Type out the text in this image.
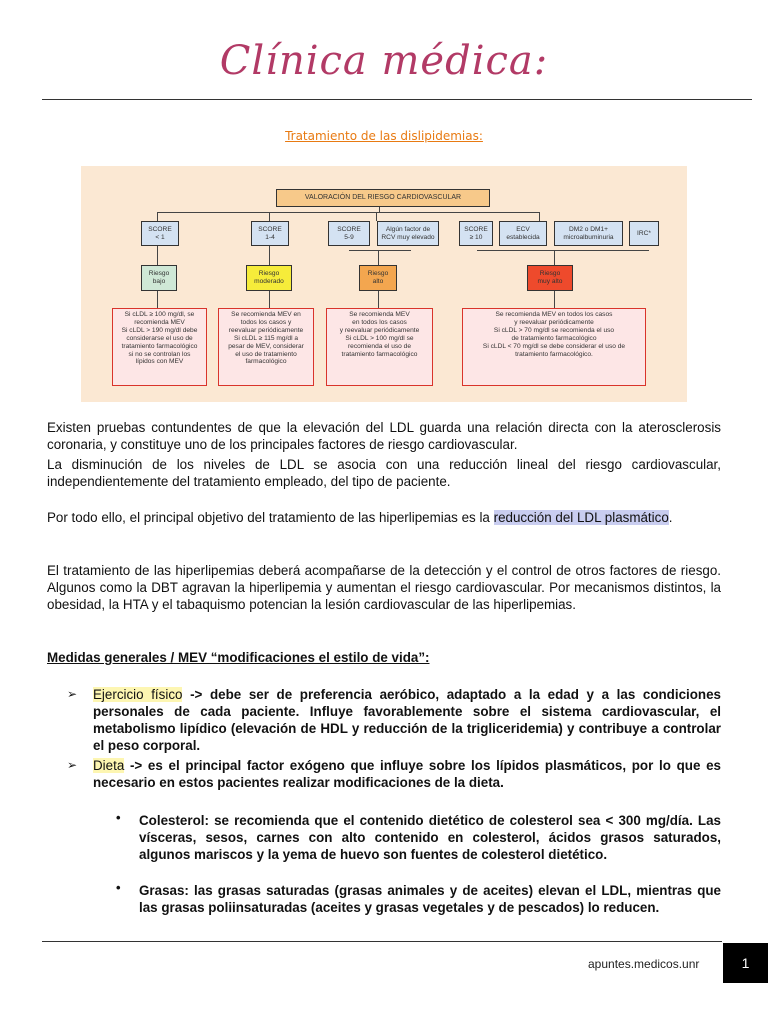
Clínica médica:
Tratamiento de las dislipidemias:
VALORACIÓN DEL RIESGO CARDIOVASCULAR
SCORE
< 1
SCORE
1-4
SCORE
5-9
Algún factor de
RCV muy elevado
SCORE
≥ 10
ECV
establecida
DM2 o DM1+
microalbuminuria
IRC*
Riesgo
bajo
Riesgo
moderado
Riesgo
alto
Riesgo
muy alto
Si cLDL ≥ 100 mg/dl, se
recomienda MEV
Si cLDL > 190 mg/dl debe
considerarse el uso de
tratamiento farmacológico
si no se controlan los
lípidos con MEV
Se recomienda MEV en
todos los casos y
reevaluar periódicamente
Si cLDL ≥ 115 mg/dl a
pesar de MEV, considerar
el uso de tratamiento
farmacológico
Se recomienda MEV
en todos los casos
y reevaluar periódicamente
Si cLDL > 100 mg/dl se
recomienda el uso de
tratamiento farmacológico
Se recomienda MEV en todos los casos
y reevaluar periódicamente
Si cLDL > 70 mg/dl se recomienda el uso
de tratamiento farmacológico
Si cLDL < 70 mg/dl se debe considerar el uso de
tratamiento farmacológico.

Existen pruebas contundentes de que la elevación del LDL guarda una relación directa con la aterosclerosis coronaria, y constituye uno de los principales factores de riesgo cardiovascular.

La disminución de los niveles de LDL se asocia con una reducción lineal del riesgo cardiovascular, independientemente del tratamiento empleado, del tipo de paciente.

Por todo ello, el principal objetivo del tratamiento de las hiperlipemias es la reducción del LDL plasmático.

El tratamiento de las hiperlipemias deberá acompañarse de la detección y el control de otros factores de riesgo. Algunos como la DBT agravan la hiperlipemia y aumentan el riesgo cardiovascular. Por mecanismos distintos, la obesidad, la HTA y el tabaquismo potencian la lesión cardiovascular de las hiperlipemias.

Medidas generales / MEV “modificaciones el estilo de vida”:
➢ Ejercicio físico -> debe ser de preferencia aeróbico, adaptado a la edad y a las condiciones personales de cada paciente. Influye favorablemente sobre el sistema cardiovascular, el metabolismo lipídico (elevación de HDL y reducción de la trigliceridemia) y contribuye a controlar el peso corporal.

➢ Dieta -> es el principal factor exógeno que influye sobre los lípidos plasmáticos, por lo que es necesario en estos pacientes realizar modificaciones de la dieta.

• Colesterol: se recomienda que el contenido dietético de colesterol sea < 300 mg/día. Las vísceras, sesos, carnes con alto contenido en colesterol, ácidos grasos saturados, algunos mariscos y la yema de huevo son fuentes de colesterol dietético.

• Grasas: las grasas saturadas (grasas animales y de aceites) elevan el LDL, mientras que las grasas poliinsaturadas (aceites y grasas vegetales y de pescados) lo reducen.

apuntes.medicos.unr	1
